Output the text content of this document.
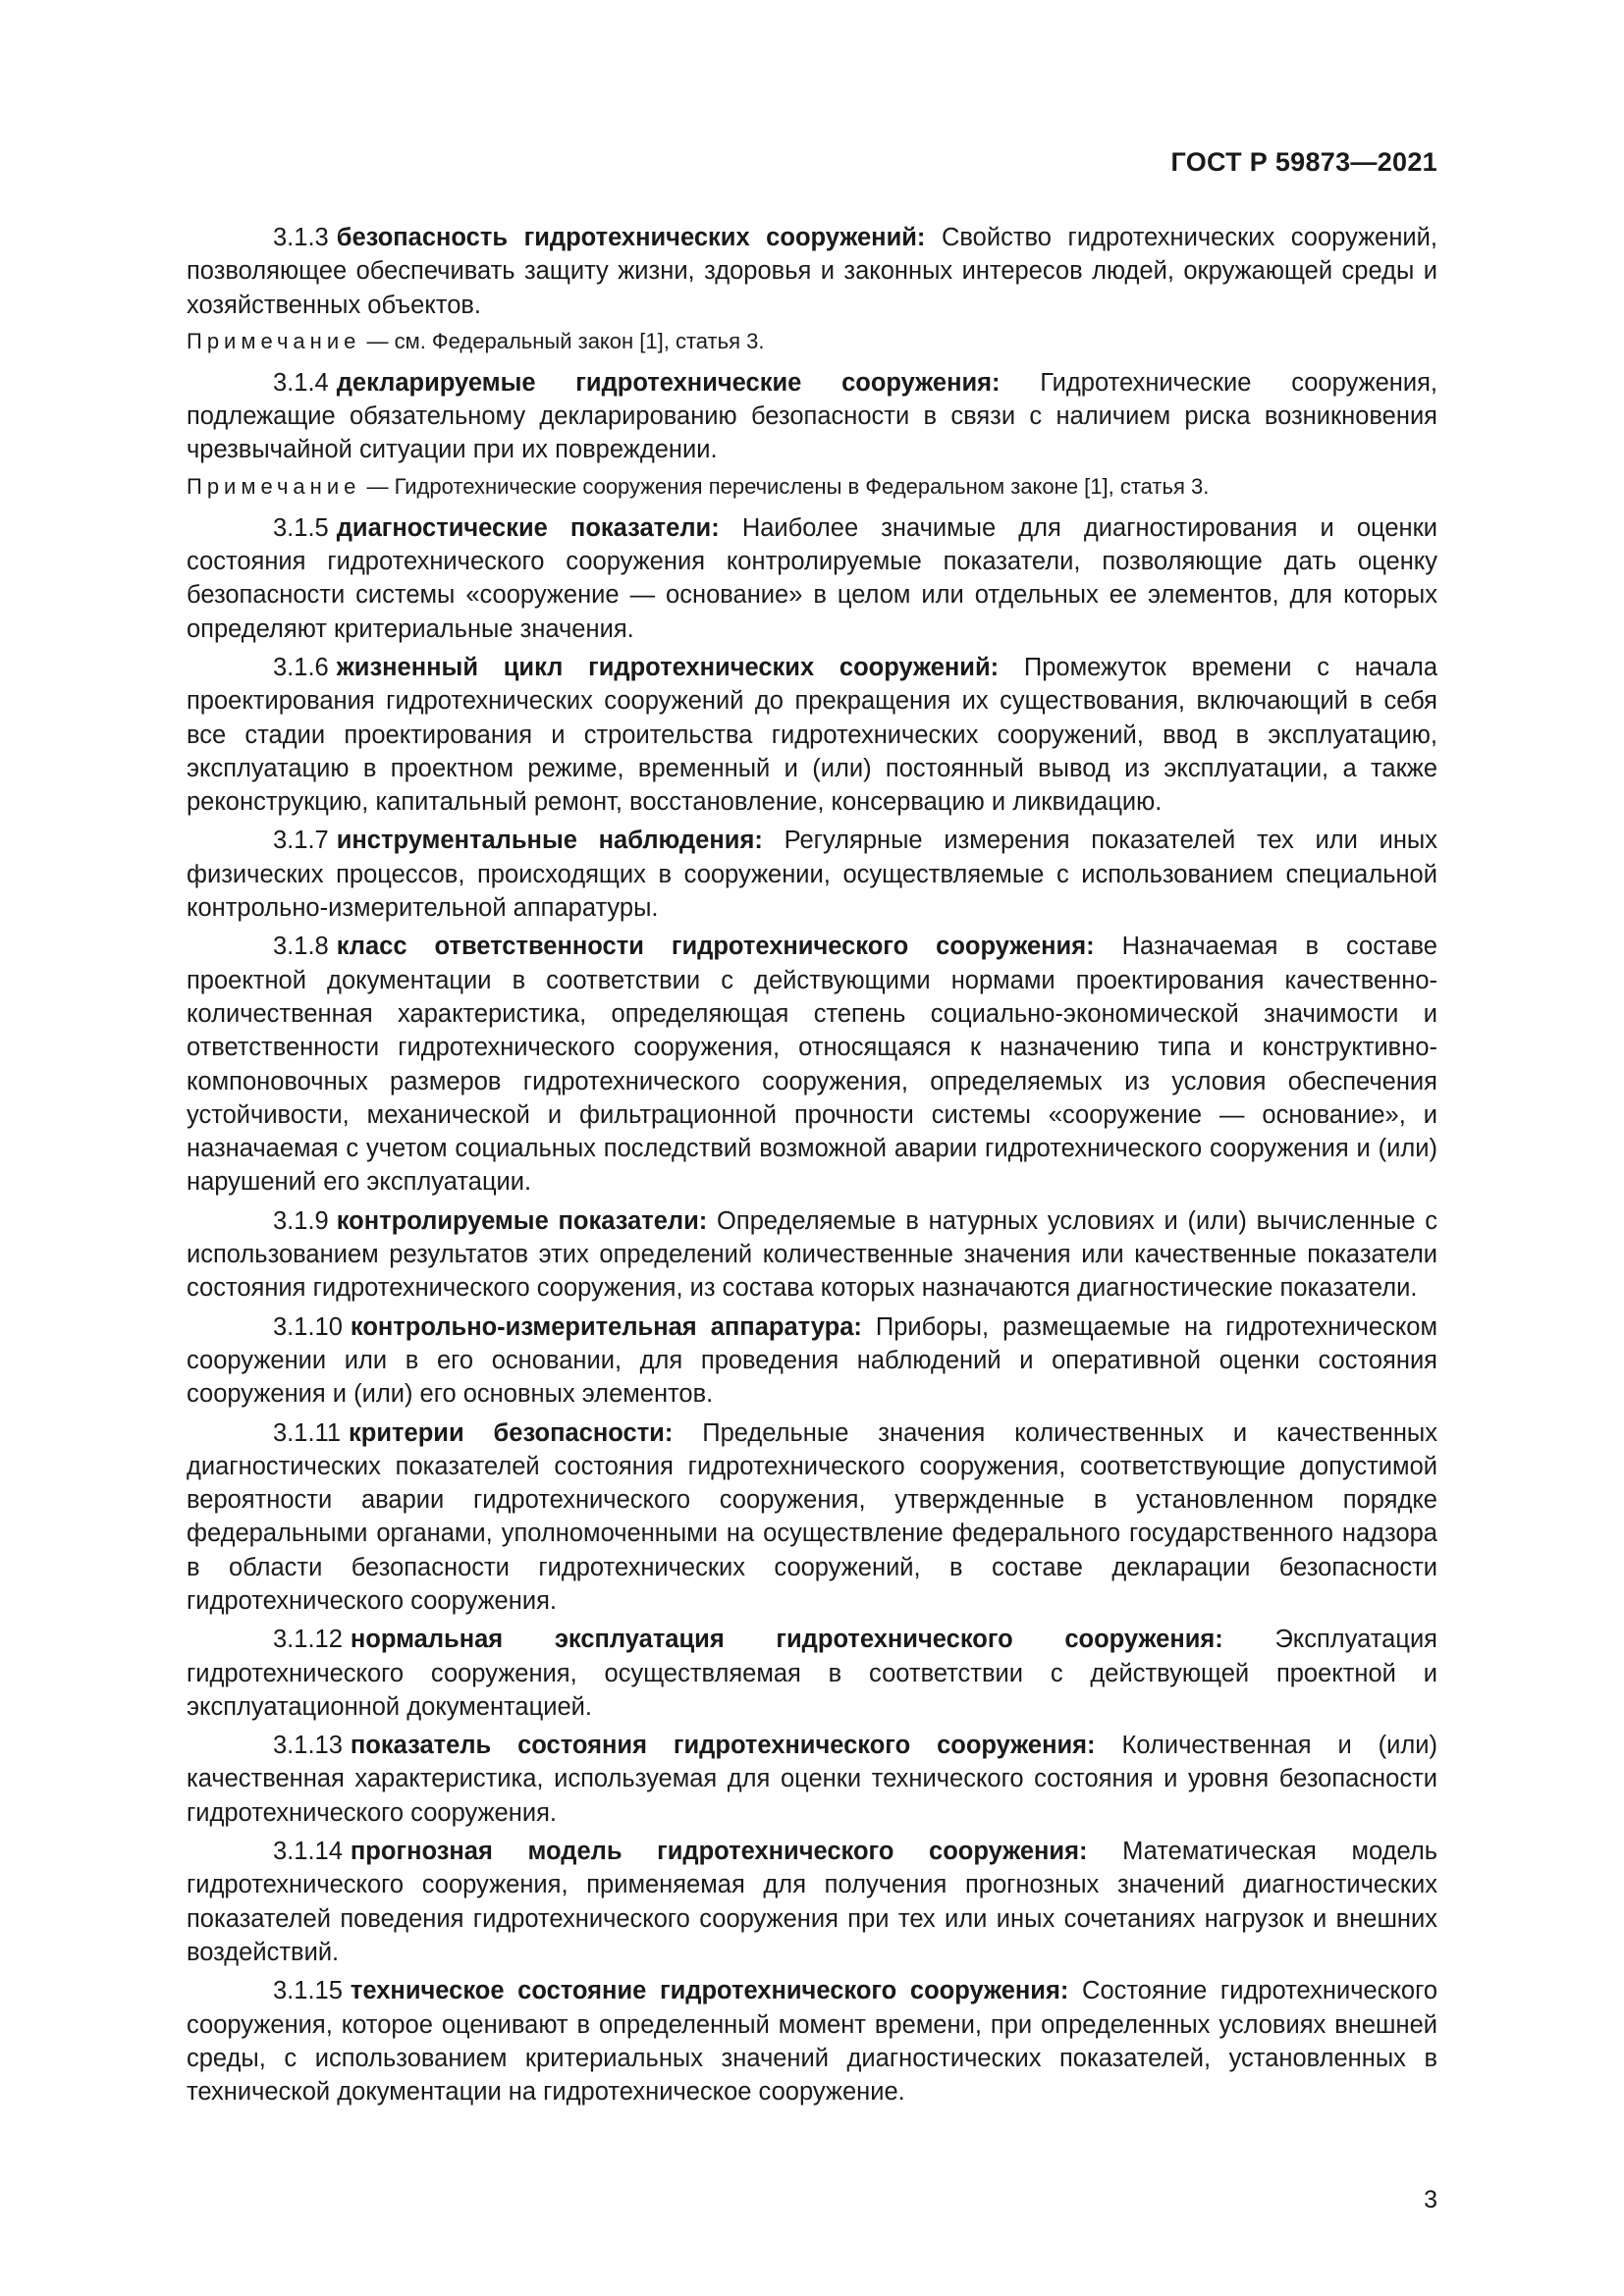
ГОСТ Р 59873—2021
3.1.3 безопасность гидротехнических сооружений: Свойство гидротехнических сооружений, позволяющее обеспечивать защиту жизни, здоровья и законных интересов людей, окружающей среды и хозяйственных объектов.
Примечание — см. Федеральный закон [1], статья 3.
3.1.4 декларируемые гидротехнические сооружения: Гидротехнические сооружения, подлежащие обязательному декларированию безопасности в связи с наличием риска возникновения чрезвычайной ситуации при их повреждении.
Примечание — Гидротехнические сооружения перечислены в Федеральном законе [1], статья 3.
3.1.5 диагностические показатели: Наиболее значимые для диагностирования и оценки состояния гидротехнического сооружения контролируемые показатели, позволяющие дать оценку безопасности системы «сооружение — основание» в целом или отдельных ее элементов, для которых определяют критериальные значения.
3.1.6 жизненный цикл гидротехнических сооружений: Промежуток времени с начала проектирования гидротехнических сооружений до прекращения их существования, включающий в себя все стадии проектирования и строительства гидротехнических сооружений, ввод в эксплуатацию, эксплуатацию в проектном режиме, временный и (или) постоянный вывод из эксплуатации, а также реконструкцию, капитальный ремонт, восстановление, консервацию и ликвидацию.
3.1.7 инструментальные наблюдения: Регулярные измерения показателей тех или иных физических процессов, происходящих в сооружении, осуществляемые с использованием специальной контрольно-измерительной аппаратуры.
3.1.8 класс ответственности гидротехнического сооружения: Назначаемая в составе проектной документации в соответствии с действующими нормами проектирования качественно-количественная характеристика, определяющая степень социально-экономической значимости и ответственности гидротехнического сооружения, относящаяся к назначению типа и конструктивно-компоновочных размеров гидротехнического сооружения, определяемых из условия обеспечения устойчивости, механической и фильтрационной прочности системы «сооружение — основание», и назначаемая с учетом социальных последствий возможной аварии гидротехнического сооружения и (или) нарушений его эксплуатации.
3.1.9 контролируемые показатели: Определяемые в натурных условиях и (или) вычисленные с использованием результатов этих определений количественные значения или качественные показатели состояния гидротехнического сооружения, из состава которых назначаются диагностические показатели.
3.1.10 контрольно-измерительная аппаратура: Приборы, размещаемые на гидротехническом сооружении или в его основании, для проведения наблюдений и оперативной оценки состояния сооружения и (или) его основных элементов.
3.1.11 критерии безопасности: Предельные значения количественных и качественных диагностических показателей состояния гидротехнического сооружения, соответствующие допустимой вероятности аварии гидротехнического сооружения, утвержденные в установленном порядке федеральными органами, уполномоченными на осуществление федерального государственного надзора в области безопасности гидротехнических сооружений, в составе декларации безопасности гидротехнического сооружения.
3.1.12 нормальная эксплуатация гидротехнического сооружения: Эксплуатация гидротехнического сооружения, осуществляемая в соответствии с действующей проектной и эксплуатационной документацией.
3.1.13 показатель состояния гидротехнического сооружения: Количественная и (или) качественная характеристика, используемая для оценки технического состояния и уровня безопасности гидротехнического сооружения.
3.1.14 прогнозная модель гидротехнического сооружения: Математическая модель гидротехнического сооружения, применяемая для получения прогнозных значений диагностических показателей поведения гидротехнического сооружения при тех или иных сочетаниях нагрузок и внешних воздействий.
3.1.15 техническое состояние гидротехнического сооружения: Состояние гидротехнического сооружения, которое оценивают в определенный момент времени, при определенных условиях внешней среды, с использованием критериальных значений диагностических показателей, установленных в технической документации на гидротехническое сооружение.
3
